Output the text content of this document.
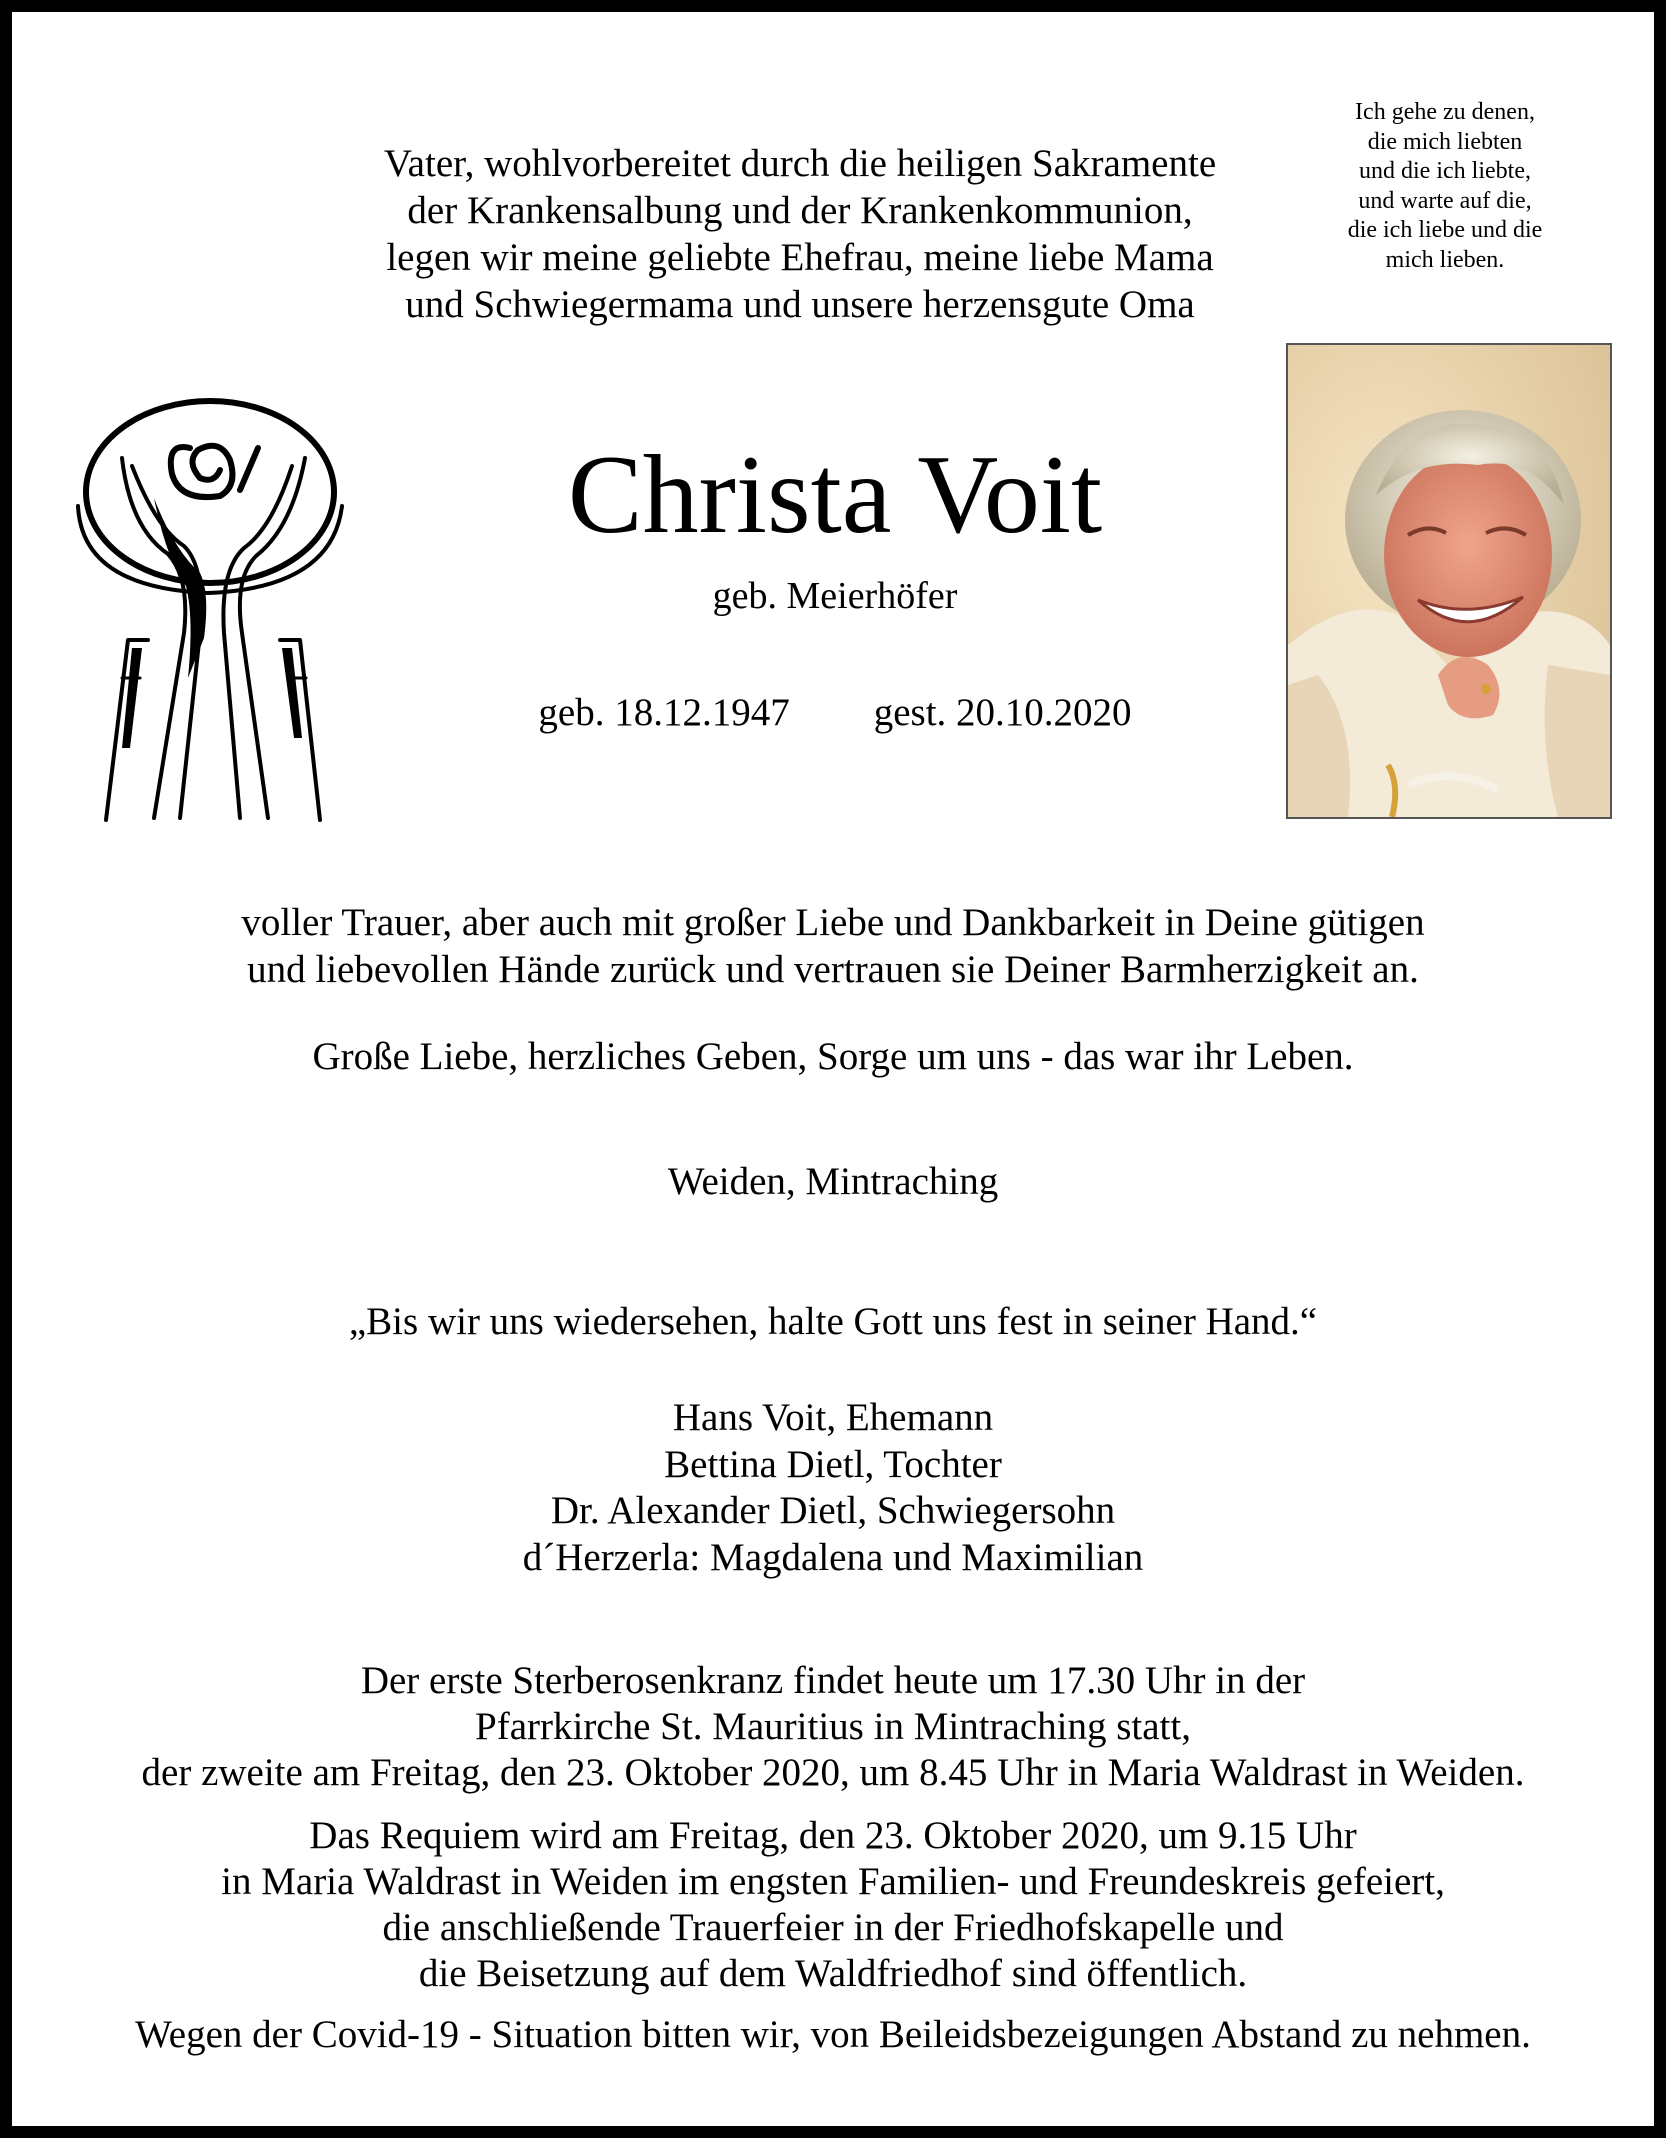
Vater, wohlvorbereitet durch die heiligen Sakramente
der Krankensalbung und der Krankenkommunion,
legen wir meine geliebte Ehefrau, meine liebe Mama
und Schwiegermama und unsere herzensgute Oma
Ich gehe zu denen,
die mich liebten
und die ich liebte,
und warte auf die,
die ich liebe und die
mich lieben.
Christa Voit
geb. Meierhöfer
geb. 18.12.1947 gest. 20.10.2020
voller Trauer, aber auch mit großer Liebe und Dankbarkeit in Deine gütigen
und liebevollen Hände zurück und vertrauen sie Deiner Barmherzigkeit an.
Große Liebe, herzliches Geben, Sorge um uns - das war ihr Leben.
Weiden, Mintraching
„Bis wir uns wiedersehen, halte Gott uns fest in seiner Hand.“
Hans Voit, Ehemann
Bettina Dietl, Tochter
Dr. Alexander Dietl, Schwiegersohn
d´Herzerla: Magdalena und Maximilian
Der erste Sterberosenkranz findet heute um 17.30 Uhr in der
Pfarrkirche St. Mauritius in Mintraching statt,
der zweite am Freitag, den 23. Oktober 2020, um 8.45 Uhr in Maria Waldrast in Weiden.
Das Requiem wird am Freitag, den 23. Oktober 2020, um 9.15 Uhr
in Maria Waldrast in Weiden im engsten Familien- und Freundeskreis gefeiert,
die anschließende Trauerfeier in der Friedhofskapelle und
die Beisetzung auf dem Waldfriedhof sind öffentlich.
Wegen der Covid-19 - Situation bitten wir, von Beileidsbezeigungen Abstand zu nehmen.
